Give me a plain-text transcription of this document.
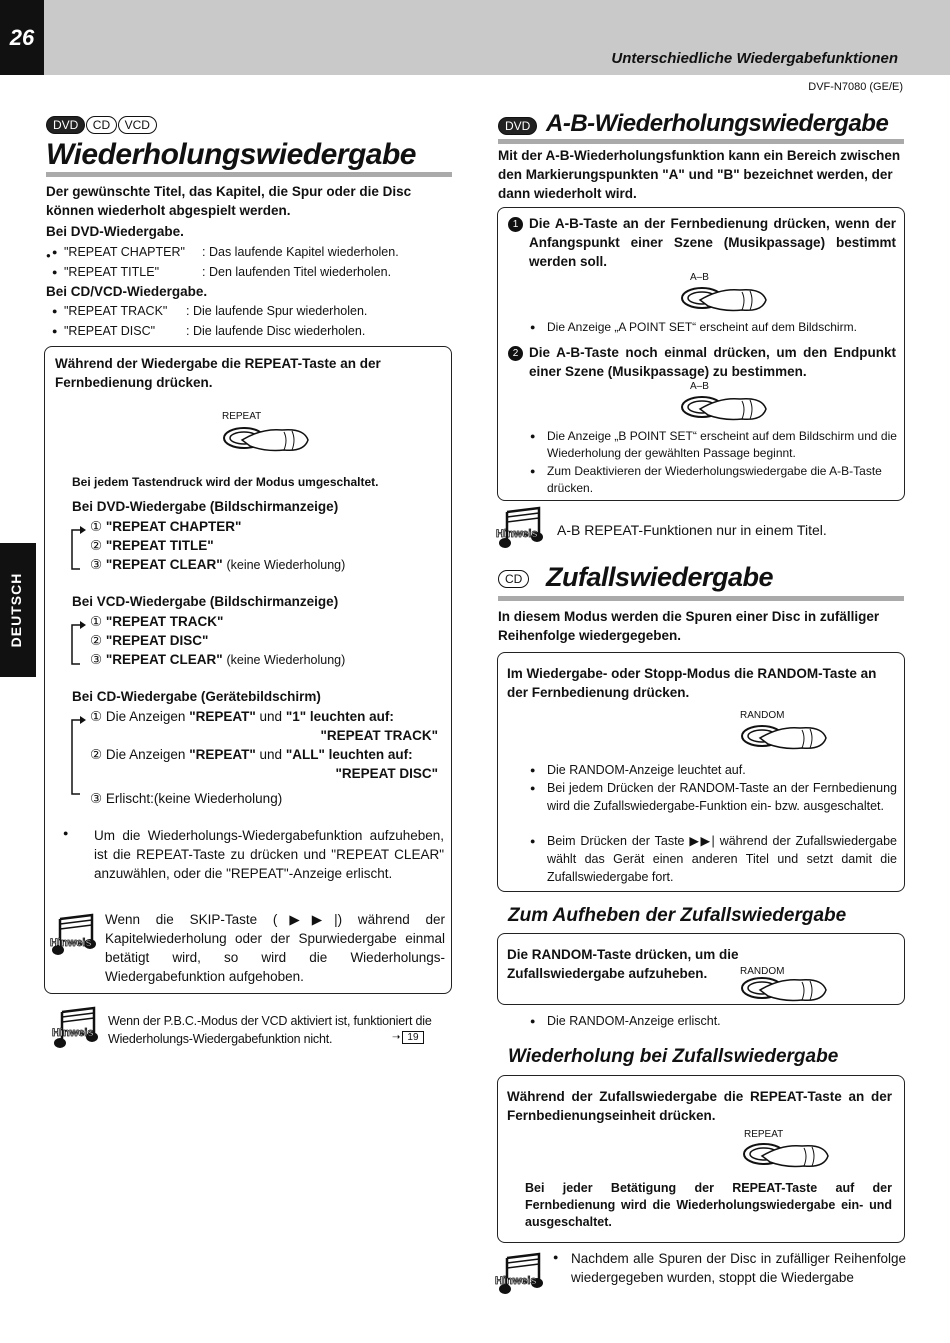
26
Unterschiedliche Wiedergabefunktionen
DVF-N7080 (GE/E)
DEUTSCH
DVD CD VCD
Wiederholungswiedergabe
Der gewünschte Titel, das Kapitel, die Spur oder die Disc können wiederholt abgespielt werden.
Bei DVD-Wiedergabe.
"REPEAT CHAPTER" : Das laufende Kapitel wiederholen.
"REPEAT TITLE"	: Den laufenden Titel wiederholen.
●
●
Bei CD/VCD-Wiedergabe.
"REPEAT TRACK" : Die laufende Spur wiederholen.
"REPEAT DISC" : Die laufende Disc wiederholen.
●
●
Während der Wiedergabe die REPEAT-Taste an der Fernbedienung drücken.
REPEAT
Bei jedem Tastendruck wird der Modus umgeschaltet.
Bei DVD-Wiedergabe (Bildschirmanzeige)
① "REPEAT CHAPTER"
② "REPEAT TITLE"
③ "REPEAT CLEAR" (keine Wiederholung)
Bei VCD-Wiedergabe (Bildschirmanzeige)
① "REPEAT TRACK"
② "REPEAT DISC"
③ "REPEAT CLEAR" (keine Wiederholung)
Bei CD-Wiedergabe (Gerätebildschirm)
① Die Anzeigen "REPEAT" und "1" leuchten auf:
"REPEAT TRACK"
② Die Anzeigen "REPEAT" und "ALL" leuchten auf:
"REPEAT DISC"
③ Erlischt:(keine Wiederholung)
● Um die Wiederholungs-Wiedergabefunktion aufzuheben, ist die REPEAT-Taste zu drücken und "REPEAT CLEAR" anzuwählen, oder die "REPEAT"-Anzeige erlischt.
Hinweis
Wenn die SKIP-Taste (▶▶|) während der Kapitelwiederholung oder der Spurwiedergabe einmal betätigt wird, so wird die Wiederholungs-Wiedergabefunktion aufgehoben.
Hinweis
Wenn der P.B.C.-Modus der VCD aktiviert ist, funktioniert die Wiederholungs-Wiedergabefunktion nicht.	➝ 19
DVD A-B-Wiederholungswiedergabe
Mit der A-B-Wiederholungsfunktion kann ein Bereich zwischen den Markierungspunkten "A" und "B" bezeichnet werden, der dann wiederholt wird.
1 Die A-B-Taste an der Fernbedienung drücken, wenn der Anfangspunkt einer Szene (Musikpassage) bestimmt werden soll.
A–B
● Die Anzeige „A POINT SET“ erscheint auf dem Bildschirm.
2 Die A-B-Taste noch einmal drücken, um den Endpunkt einer Szene (Musikpassage) zu bestimmen.
A–B
● Die Anzeige „B POINT SET“ erscheint auf dem Bildschirm und die Wiederholung der gewählten Passage beginnt.
● Zum Deaktivieren der Wiederholungswiedergabe die A-B-Taste drücken.
Hinweis A-B REPEAT-Funktionen nur in einem Titel.
CD Zufallswiedergabe
In diesem Modus werden die Spuren einer Disc in zufälliger Reihenfolge wiedergegeben.
Im Wiedergabe- oder Stopp-Modus die RANDOM-Taste an der Fernbedienung drücken.
RANDOM
● Die RANDOM-Anzeige leuchtet auf.
● Bei jedem Drücken der RANDOM-Taste an der Fernbedienung wird die Zufallswiedergabe-Funktion ein- bzw. ausgeschaltet.
● Beim Drücken der Taste ▶▶| während der Zufallswiedergabe wählt das Gerät einen anderen Titel und setzt damit die Zufallswiedergabe fort.
Zum Aufheben der Zufallswiedergabe
Die RANDOM-Taste drücken, um die Zufallswiedergabe aufzuheben.	RANDOM
● Die RANDOM-Anzeige erlischt.
Wiederholung bei Zufallswiedergabe
Während der Zufallswiedergabe die REPEAT-Taste an der Fernbedienungseinheit drücken.
REPEAT
Bei jeder Betätigung der REPEAT-Taste auf der Fernbedienung wird die Wiederholungswiedergabe ein- und ausgeschaltet.
Hinweis
● Nachdem alle Spuren der Disc in zufälliger Reihenfolge wiedergegeben wurden, stoppt die Wiedergabe
